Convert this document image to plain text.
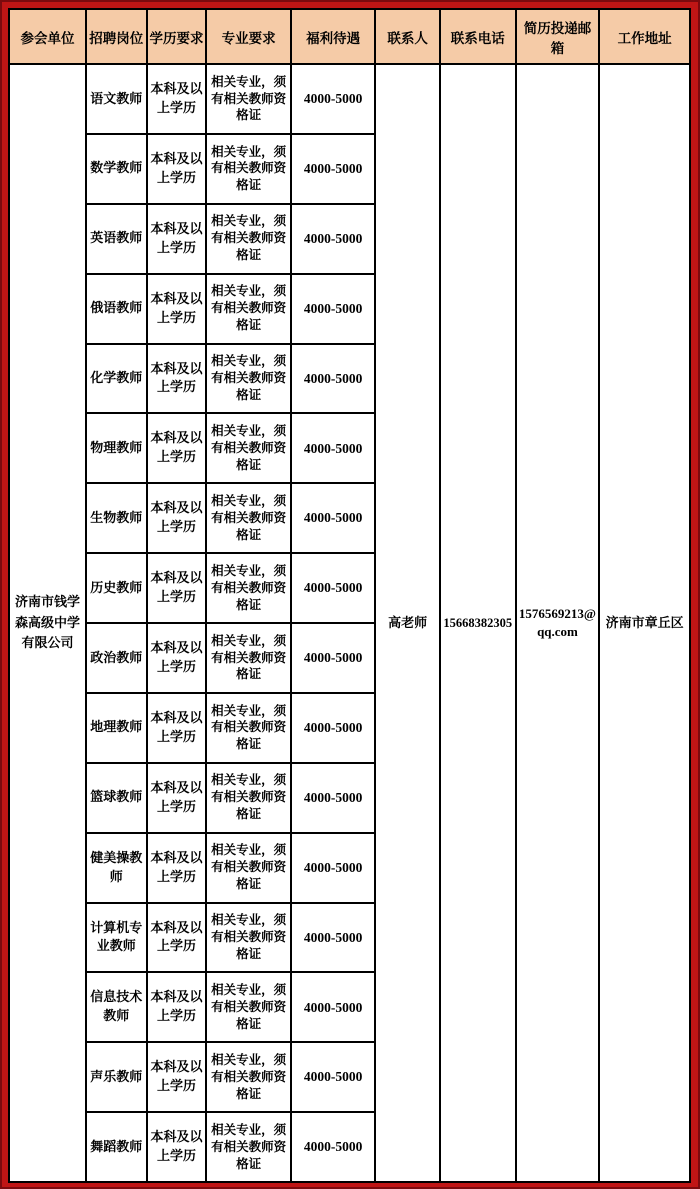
参会单位	招聘岗位	学历要求	专业要求	福利待遇	联系人	联系电话	简历投递邮箱	工作地址
济南市钱学森高级中学有限公司	语文教师	本科及以上学历	相关专业，须有相关教师资格证	4000-5000	高老师	15668382305	1576569213@qq.com	济南市章丘区
	数学教师	本科及以上学历	相关专业，须有相关教师资格证	4000-5000				
	英语教师	本科及以上学历	相关专业，须有相关教师资格证	4000-5000				
	俄语教师	本科及以上学历	相关专业，须有相关教师资格证	4000-5000				
	化学教师	本科及以上学历	相关专业，须有相关教师资格证	4000-5000				
	物理教师	本科及以上学历	相关专业，须有相关教师资格证	4000-5000				
	生物教师	本科及以上学历	相关专业，须有相关教师资格证	4000-5000				
	历史教师	本科及以上学历	相关专业，须有相关教师资格证	4000-5000				
	政治教师	本科及以上学历	相关专业，须有相关教师资格证	4000-5000				
	地理教师	本科及以上学历	相关专业，须有相关教师资格证	4000-5000				
	篮球教师	本科及以上学历	相关专业，须有相关教师资格证	4000-5000				
	健美操教师	本科及以上学历	相关专业，须有相关教师资格证	4000-5000				
	计算机专业教师	本科及以上学历	相关专业，须有相关教师资格证	4000-5000				
	信息技术教师	本科及以上学历	相关专业，须有相关教师资格证	4000-5000				
	声乐教师	本科及以上学历	相关专业，须有相关教师资格证	4000-5000				
	舞蹈教师	本科及以上学历	相关专业，须有相关教师资格证	4000-5000				
